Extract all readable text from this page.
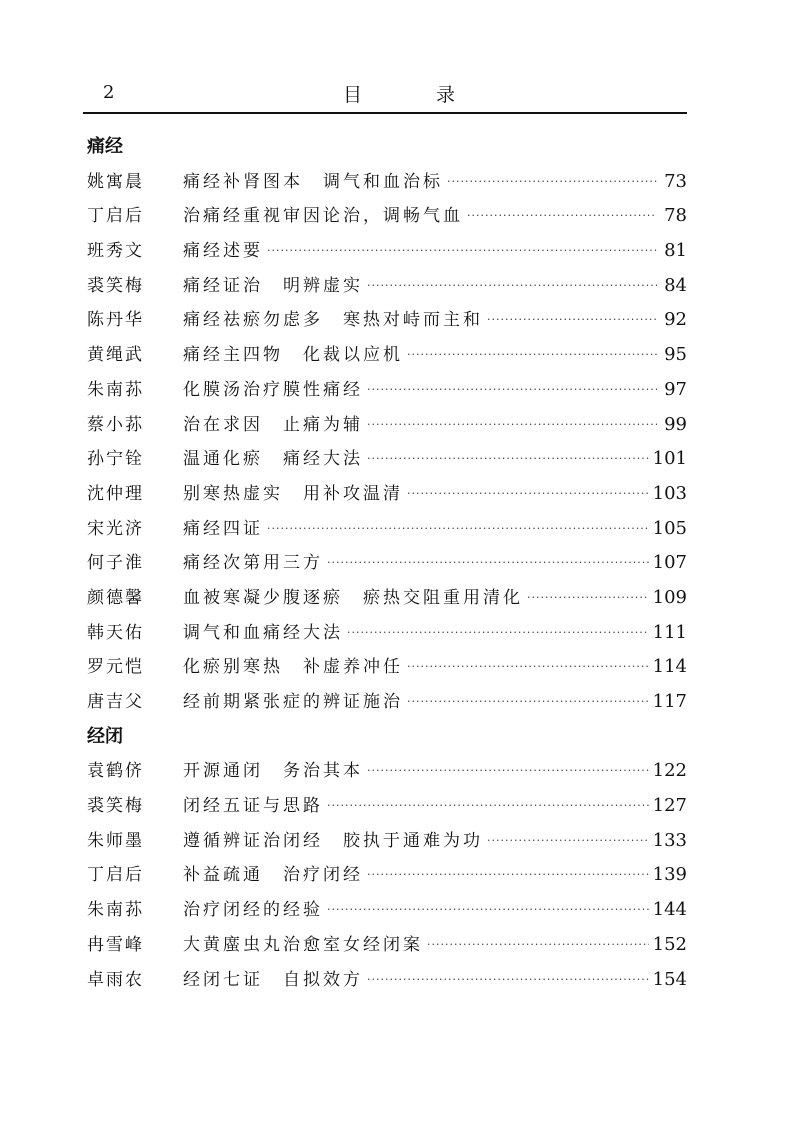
2	目 录
痛经
姚寓晨	痛经补肾图本　调气和血治标 ·····	73
丁启后	治痛经重视审因论治，调畅气血 ·····	78
班秀文	痛经述要 ·····	81
裘笑梅	痛经证治　明辨虚实 ·····	84
陈丹华	痛经祛瘀勿虑多　寒热对峙而主和 ·····	92
黄绳武	痛经主四物　化裁以应机 ·····	95
朱南荪	化膜汤治疗膜性痛经 ·····	97
蔡小荪	治在求因　止痛为辅 ·····	99
孙宁铨	温通化瘀　痛经大法 ·····	101
沈仲理	别寒热虚实　用补攻温清 ·····	103
宋光济	痛经四证 ·····	105
何子淮	痛经次第用三方 ·····	107
颜德馨	血被寒凝少腹逐瘀　瘀热交阻重用清化 ·····	109
韩天佑	调气和血痛经大法 ·····	111
罗元恺	化瘀别寒热　补虚养冲任 ·····	114
唐吉父	经前期紧张症的辨证施治 ·····	117
经闭
袁鹤侪	开源通闭　务治其本 ·····	122
裘笑梅	闭经五证与思路 ·····	127
朱师墨	遵循辨证治闭经　胶执于通难为功 ·····	133
丁启后	补益疏通　治疗闭经 ·····	139
朱南荪	治疗闭经的经验 ·····	144
冉雪峰	大黄䗪虫丸治愈室女经闭案 ·····	152
卓雨农	经闭七证　自拟效方 ·····	154
